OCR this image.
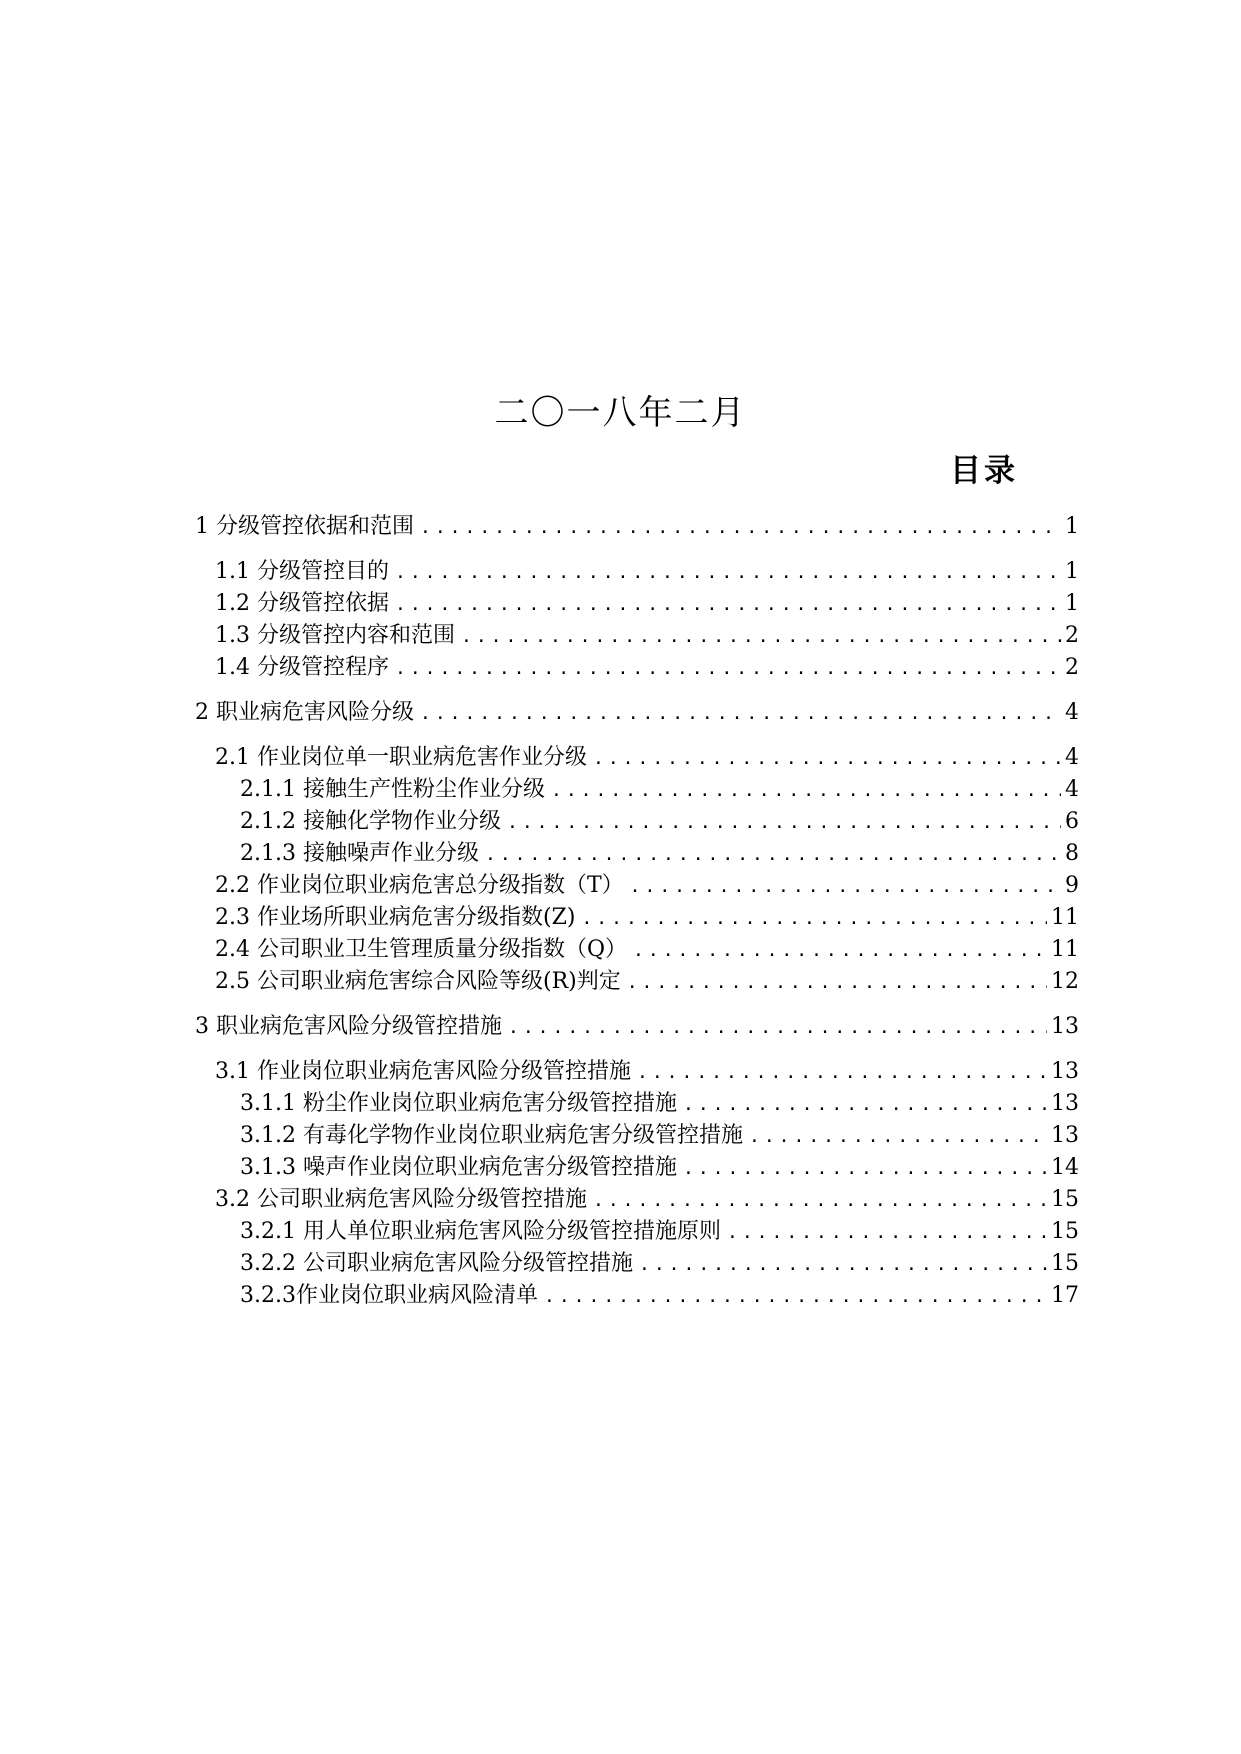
二〇一八年二月
目录
1 分级管控依据和范围 .....	1
1.1 分级管控目的 .....	1
1.2 分级管控依据 .....	1
1.3 分级管控内容和范围 .....	2
1.4 分级管控程序 .....	2
2 职业病危害风险分级 .....	4
2.1 作业岗位单一职业病危害作业分级 .....	4
2.1.1 接触生产性粉尘作业分级 .....	4
2.1.2 接触化学物作业分级 .....	6
2.1.3 接触噪声作业分级 .....	8
2.2 作业岗位职业病危害总分级指数（T） .....	9
2.3 作业场所职业病危害分级指数(Z) .....	11
2.4 公司职业卫生管理质量分级指数（Q） .....	11
2.5 公司职业病危害综合风险等级(R)判定 .....	12
3 职业病危害风险分级管控措施 .....	13
3.1 作业岗位职业病危害风险分级管控措施 .....	13
3.1.1 粉尘作业岗位职业病危害分级管控措施 .....	13
3.1.2 有毒化学物作业岗位职业病危害分级管控措施 .....	13
3.1.3 噪声作业岗位职业病危害分级管控措施 .....	14
3.2 公司职业病危害风险分级管控措施 .....	15
3.2.1 用人单位职业病危害风险分级管控措施原则 .....	15
3.2.2 公司职业病危害风险分级管控措施 .....	15
3.2.3作业岗位职业病风险清单 .....	17
